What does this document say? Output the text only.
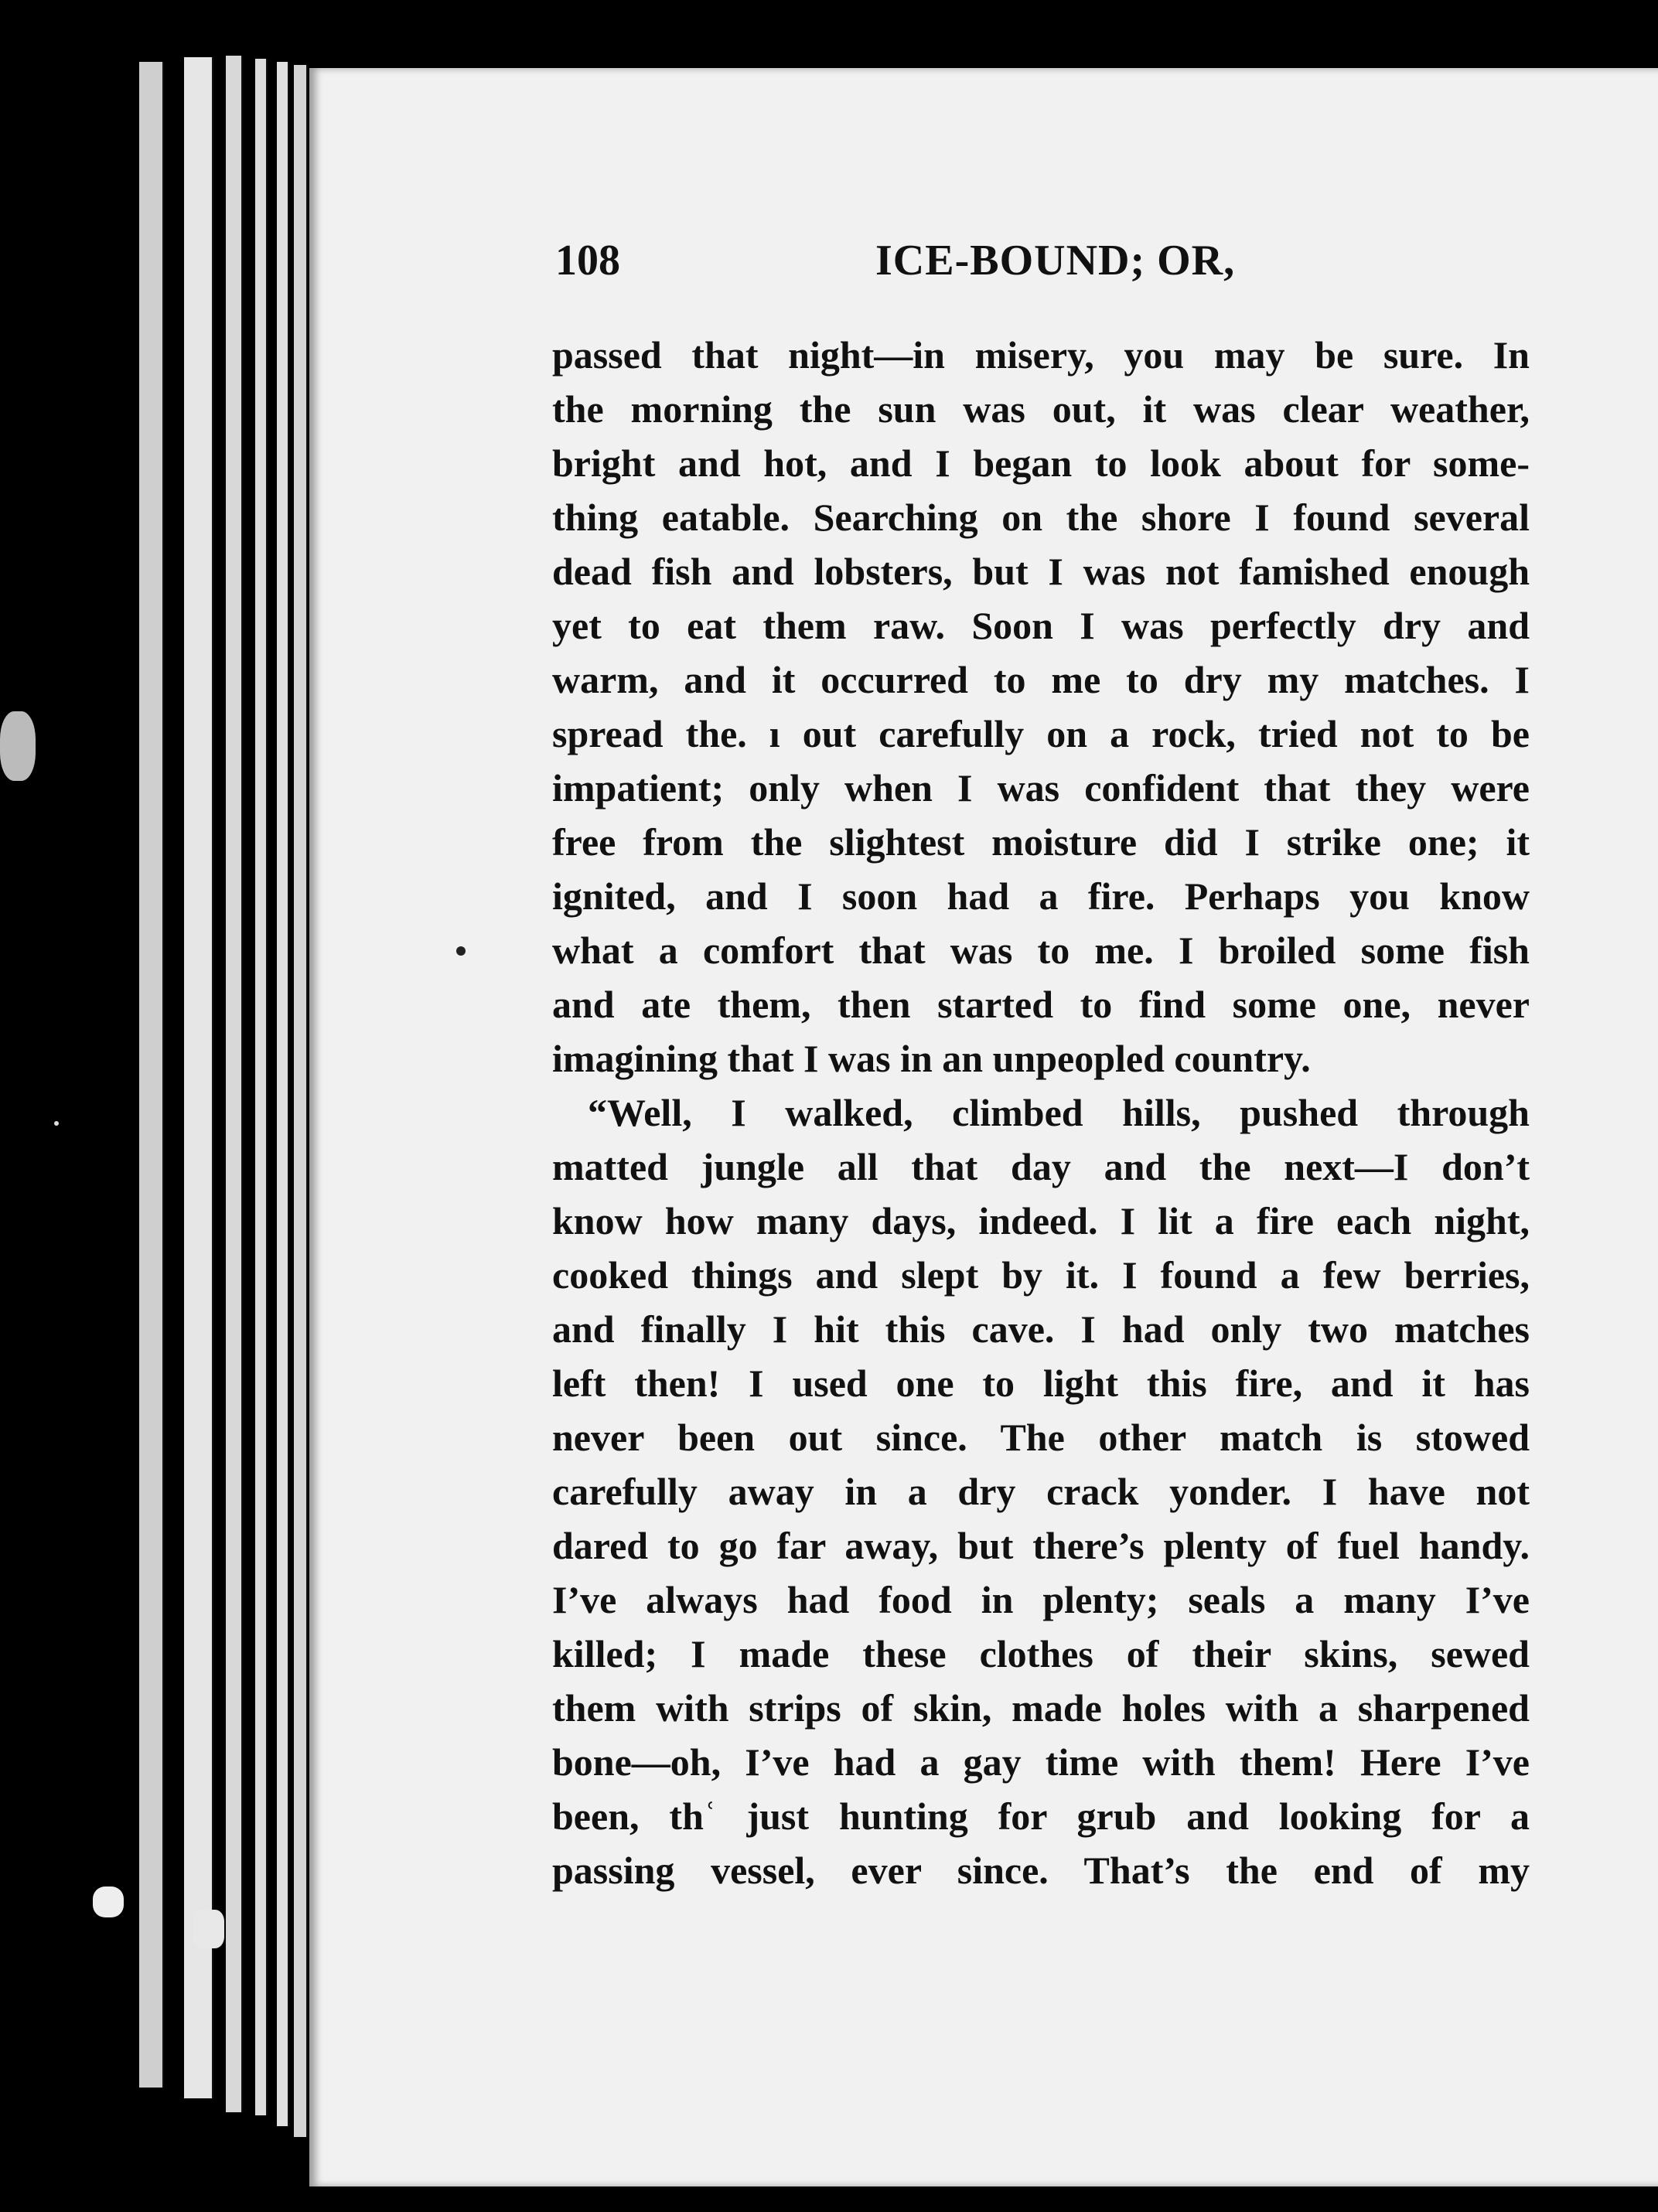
108	ICE-BOUND; OR,
passed that night—in misery, you may be sure. In
the morning the sun was out, it was clear weather,
bright and hot, and I began to look about for some-
thing eatable. Searching on the shore I found several
dead fish and lobsters, but I was not famished enough
yet to eat them raw. Soon I was perfectly dry and
warm, and it occurred to me to dry my matches. I
spread the. ı out carefully on a rock, tried not to be
impatient; only when I was confident that they were
free from the slightest moisture did I strike one; it
ignited, and I soon had a fire. Perhaps you know
what a comfort that was to me. I broiled some fish
and ate them, then started to find some one, never
imagining that I was in an unpeopled country.
“Well, I walked, climbed hills, pushed through
matted jungle all that day and the next—I don’t
know how many days, indeed. I lit a fire each night,
cooked things and slept by it. I found a few berries,
and finally I hit this cave. I had only two matches
left then! I used one to light this fire, and it has
never been out since. The other match is stowed
carefully away in a dry crack yonder. I have not
dared to go far away, but there’s plenty of fuel handy.
I’ve always had food in plenty; seals a many I’ve
killed; I made these clothes of their skins, sewed
them with strips of skin, made holes with a sharpened
bone—oh, I’ve had a gay time with them! Here I’ve
been, thʿ just hunting for grub and looking for a
passing vessel, ever since. That’s the end of my
